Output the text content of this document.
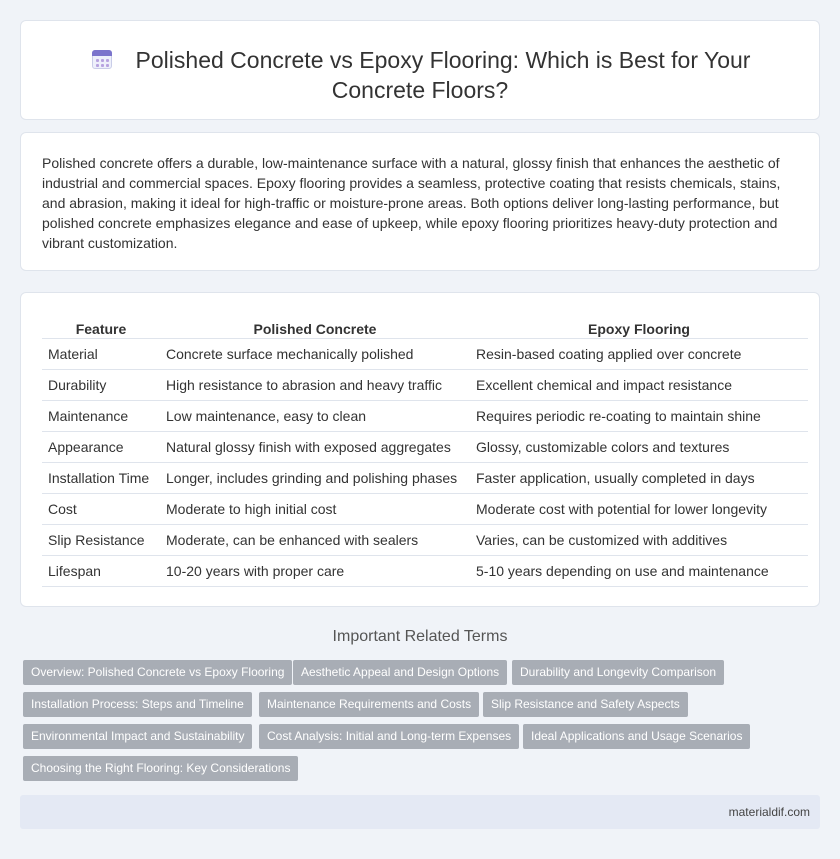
Polished Concrete vs Epoxy Flooring: Which is Best for Your Concrete Floors?

Polished concrete offers a durable, low-maintenance surface with a natural, glossy finish that enhances the aesthetic of industrial and commercial spaces. Epoxy flooring provides a seamless, protective coating that resists chemicals, stains, and abrasion, making it ideal for high-traffic or moisture-prone areas. Both options deliver long-lasting performance, but polished concrete emphasizes elegance and ease of upkeep, while epoxy flooring prioritizes heavy-duty protection and vibrant customization.

Feature	Polished Concrete	Epoxy Flooring
Material	Concrete surface mechanically polished	Resin-based coating applied over concrete
Durability	High resistance to abrasion and heavy traffic	Excellent chemical and impact resistance
Maintenance	Low maintenance, easy to clean	Requires periodic re-coating to maintain shine
Appearance	Natural glossy finish with exposed aggregates	Glossy, customizable colors and textures
Installation Time	Longer, includes grinding and polishing phases	Faster application, usually completed in days
Cost	Moderate to high initial cost	Moderate cost with potential for lower longevity
Slip Resistance	Moderate, can be enhanced with sealers	Varies, can be customized with additives
Lifespan	10-20 years with proper care	5-10 years depending on use and maintenance
Important Related Terms
Overview: Polished Concrete vs Epoxy Flooring	Aesthetic Appeal and Design Options	Durability and Longevity Comparison
Installation Process: Steps and Timeline	Maintenance Requirements and Costs	Slip Resistance and Safety Aspects
Environmental Impact and Sustainability	Cost Analysis: Initial and Long-term Expenses	Ideal Applications and Usage Scenarios
Choosing the Right Flooring: Key Considerations
materialdif.com
